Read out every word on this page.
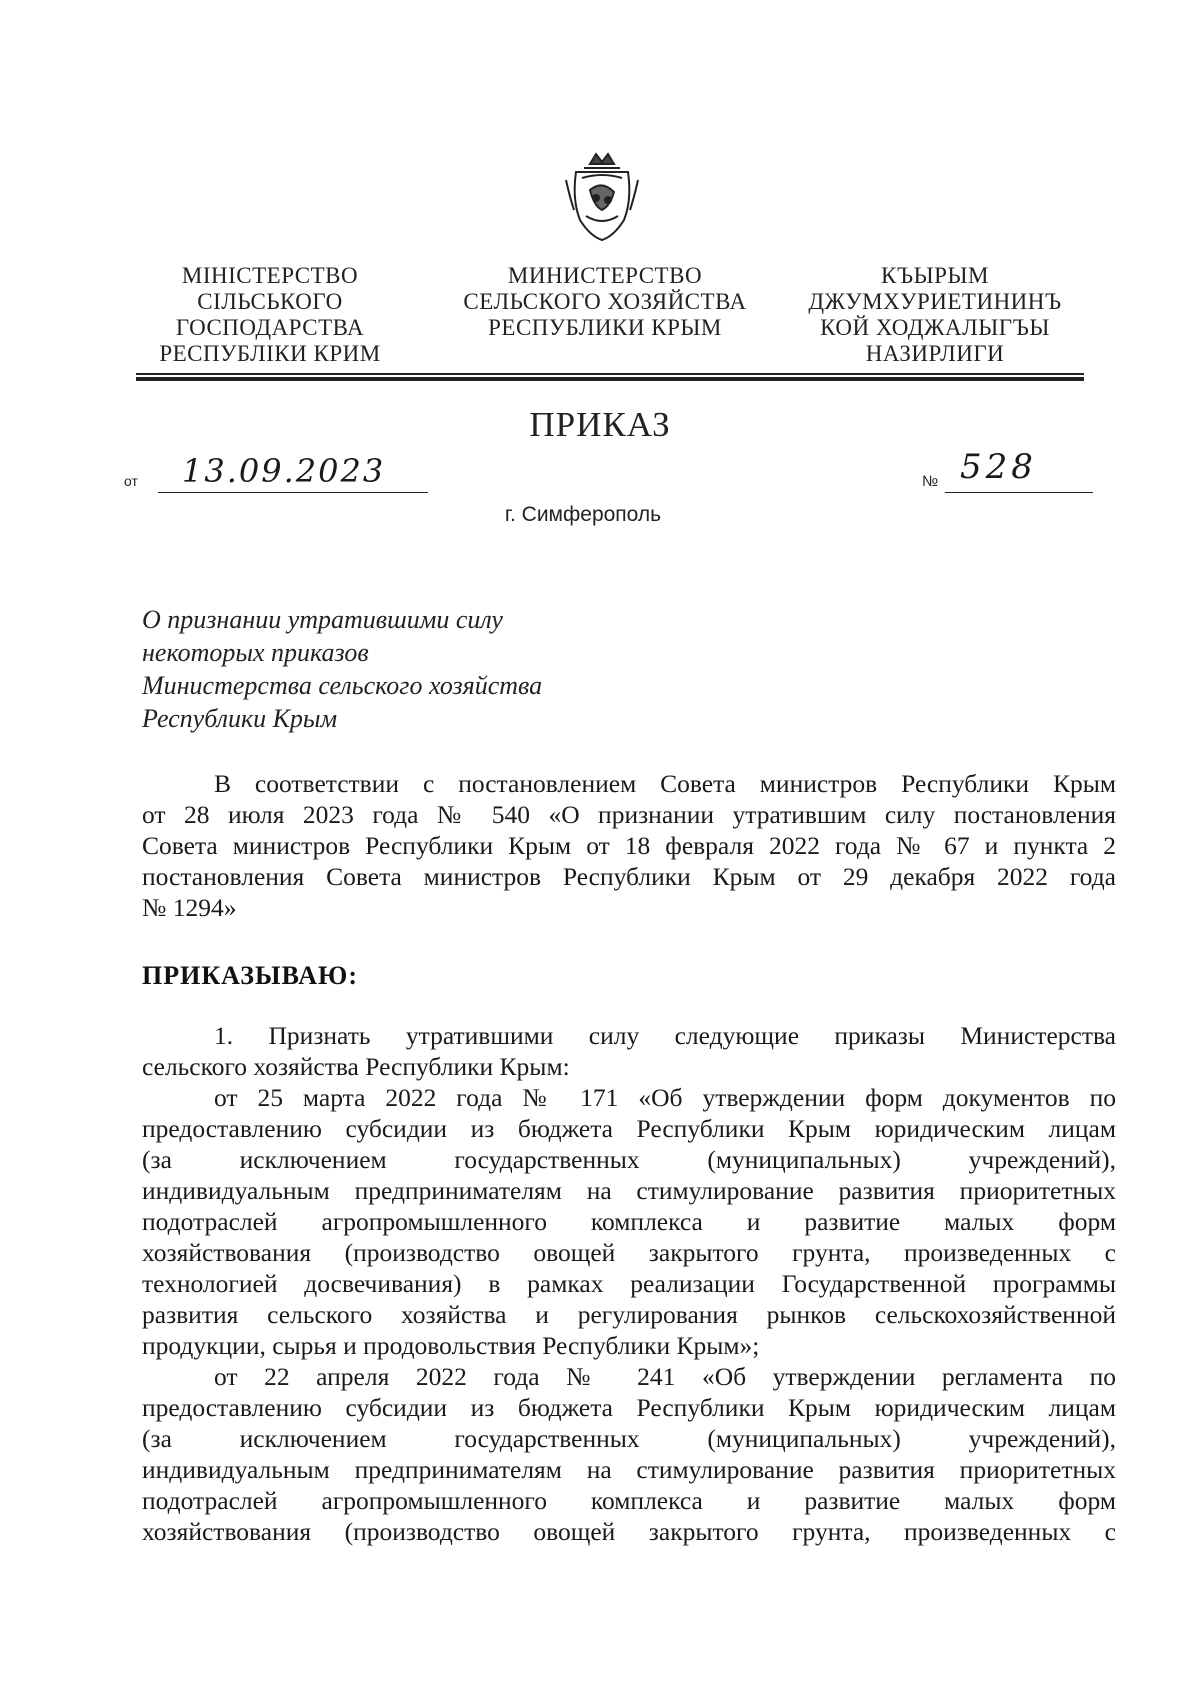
МІНІСТЕРСТВО
СІЛЬСЬКОГО
ГОСПОДАРСТВА
РЕСПУБЛІКИ КРИМ
МИНИСТЕРСТВО
СЕЛЬСКОГО ХОЗЯЙСТВА
РЕСПУБЛИКИ КРЫМ
КЪЫРЫМ
ДЖУМХУРИЕТИНИНЪ
КОЙ ХОДЖАЛЫГЪЫ
НАЗИРЛИГИ
ПРИКАЗ
от 13.09.2023	№ 528
г. Симферополь
О признании утратившими силу
некоторых приказов
Министерства сельского хозяйства
Республики Крым
В соответствии с постановлением Совета министров Республики Крым
от 28 июля 2023 года № 540 «О признании утратившим силу постановления
Совета министров Республики Крым от 18 февраля 2022 года № 67 и пункта 2
постановления Совета министров Республики Крым от 29 декабря 2022 года
№ 1294»
ПРИКАЗЫВАЮ:
1. Признать утратившими силу следующие приказы Министерства
сельского хозяйства Республики Крым:
от 25 марта 2022 года № 171 «Об утверждении форм документов по
предоставлению субсидии из бюджета Республики Крым юридическим лицам
(за исключением государственных (муниципальных) учреждений),
индивидуальным предпринимателям на стимулирование развития приоритетных
подотраслей агропромышленного комплекса и развитие малых форм
хозяйствования (производство овощей закрытого грунта, произведенных с
технологией досвечивания) в рамках реализации Государственной программы
развития сельского хозяйства и регулирования рынков сельскохозяйственной
продукции, сырья и продовольствия Республики Крым»;
от 22 апреля 2022 года № 241 «Об утверждении регламента по
предоставлению субсидии из бюджета Республики Крым юридическим лицам
(за исключением государственных (муниципальных) учреждений),
индивидуальным предпринимателям на стимулирование развития приоритетных
подотраслей агропромышленного комплекса и развитие малых форм
хозяйствования (производство овощей закрытого грунта, произведенных с
